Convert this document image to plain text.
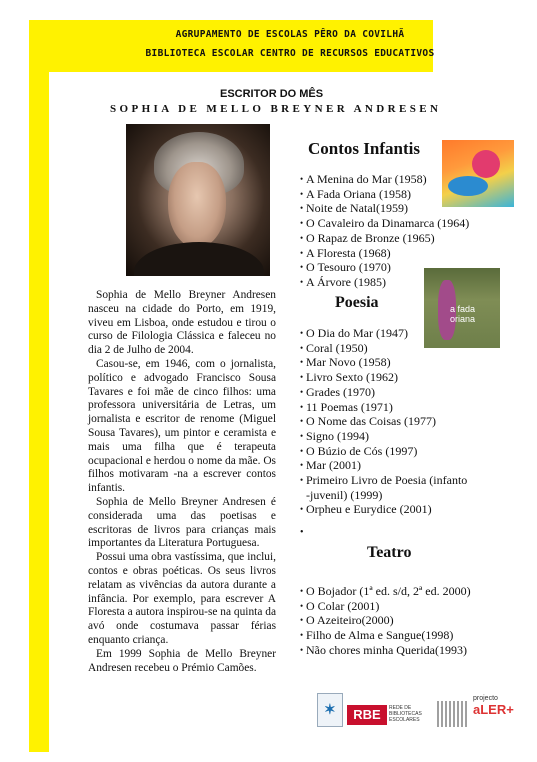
AGRUPAMENTO DE ESCOLAS PÊRO DA COVILHÃ
BIBLIOTECA ESCOLAR CENTRO DE RECURSOS EDUCATIVOS
ESCRITOR DO MÊS
SOPHIA DE MELLO BREYNER ANDRESEN

Sophia de Mello Breyner Andresen nasceu na cidade do Porto, em 1919, viveu em Lisboa, onde estudou e tirou o curso de Filologia Clássica e faleceu no dia 2 de Julho de 2004.

Casou-se, em 1946, com o jornalista, político e advogado Francisco Sousa Tavares e foi mãe de cinco filhos: uma professora universitária de Letras, um jornalista e escritor de renome (Miguel Sousa Tavares), um pintor e ceramista e mais uma filha que é terapeuta ocupacional e herdou o nome da mãe. Os filhos motivaram -na a escrever contos infantis.

Sophia de Mello Breyner Andresen é considerada uma das poetisas e escritoras de livros para crianças mais importantes da Literatura Portuguesa.

Possui uma obra vastíssima, que inclui, contos e obras poéticas. Os seus livros relatam as vivências da autora durante a infância. Por exemplo, para escrever A Floresta a autora inspirou-se na quinta da avó onde costumava passar férias enquanto criança.

Em 1999 Sophia de Mello Breyner Andresen recebeu o Prémio Camões.

Contos Infantis
• A Menina do Mar (1958)
• A Fada Oriana (1958)
• Noite de Natal(1959)
• O Cavaleiro da Dinamarca (1964)
• O Rapaz de Bronze (1965)
• A Floresta (1968)
• O Tesouro (1970)
• A Árvore (1985)
Poesia	a fada oriana
• O Dia do Mar (1947)
• Coral (1950)
• Mar Novo (1958)
• Livro Sexto (1962)
• Grades (1970)
• 11 Poemas (1971)
• O Nome das Coisas (1977)
• Signo (1994)
• O Búzio de Cós (1997)
• Mar (2001)
• Primeiro Livro de Poesia (infanto
-juvenil) (1999)
• Orpheu e Eurydice (2001)
•
Teatro
• O Bojador (1ª ed. s/d, 2ª ed. 2000)
• O Colar (2001)
• O Azeiteiro(2000)
• Filho de Alma e Sangue(1998)
• Não chores minha Querida(1993)
✶	RBE	REDE DE
BIBLIOTECAS
ESCOLARES
projecto
aLER+
